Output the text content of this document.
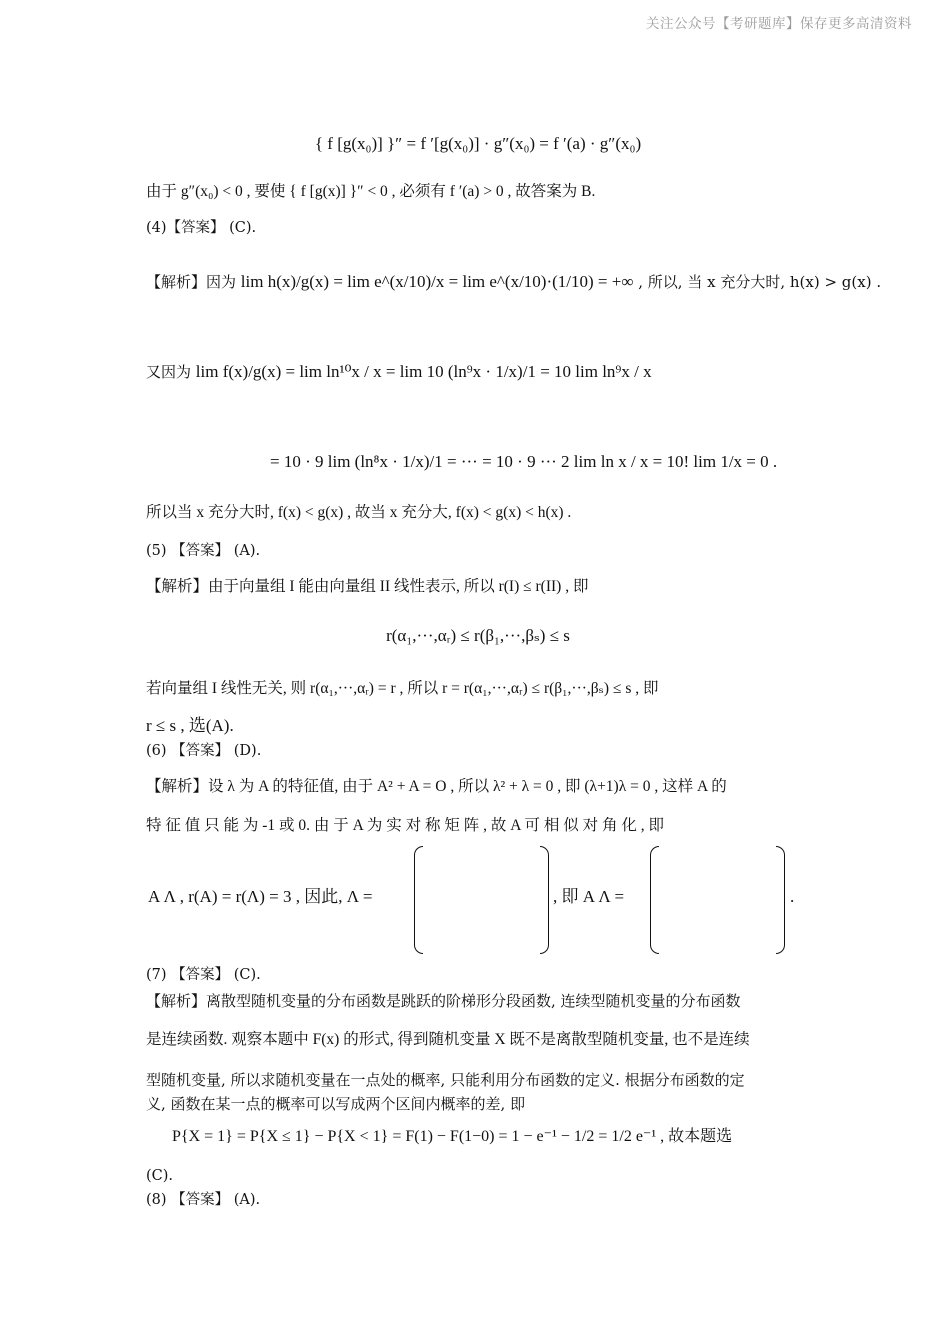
关注公众号【考研题库】保存更多高清资料
{ f [g(x₀)] }″ = f ′[g(x₀)] · g″(x₀) = f ′(a) · g″(x₀)
由于 g″(x₀) < 0 , 要使 { f [g(x)] }″ < 0 , 必须有 f ′(a) > 0 , 故答案为 B.
(4)【答案】 (C).
【解析】因为 lim h(x)/g(x) = lim e^(x/10)/x = lim e^(x/10)·(1/10) = +∞ , 所以, 当 x 充分大时, h(x) > g(x) .
又因为 lim f(x)/g(x) = lim ln¹⁰x / x = lim 10 (ln⁹x · 1/x)/1 = 10 lim ln⁹x / x
= 10 · 9 lim (ln⁸x · 1/x)/1 = ··· = 10 · 9 ··· 2 lim ln x / x = 10! lim 1/x = 0 .
所以当 x 充分大时, f(x) < g(x) , 故当 x 充分大, f(x) < g(x) < h(x) .
(5) 【答案】 (A).
【解析】由于向量组 I 能由向量组 II 线性表示, 所以 r(I) ≤ r(II) , 即
r(α₁,···,αᵣ) ≤ r(β₁,···,βₛ) ≤ s
若向量组 I 线性无关, 则 r(α₁,···,αᵣ) = r , 所以 r = r(α₁,···,αᵣ) ≤ r(β₁,···,βₛ) ≤ s , 即
r ≤ s , 选(A).
(6) 【答案】 (D).
【解析】设 λ 为 A 的特征值, 由于 A² + A = O , 所以 λ² + λ = 0 , 即 (λ+1)λ = 0 , 这样 A 的
特 征 值 只 能 为 -1 或 0. 由 于 A 为 实 对 称 矩 阵 , 故 A 可 相 似 对 角 化 , 即
A Λ , r(A) = r(Λ) = 3 , 因此, Λ =	, 即 A Λ =	.
(7) 【答案】 (C).
【解析】离散型随机变量的分布函数是跳跃的阶梯形分段函数, 连续型随机变量的分布函数
是连续函数. 观察本题中 F(x) 的形式, 得到随机变量 X 既不是离散型随机变量, 也不是连续
型随机变量, 所以求随机变量在一点处的概率, 只能利用分布函数的定义. 根据分布函数的定
义, 函数在某一点的概率可以写成两个区间内概率的差, 即
P{X = 1} = P{X ≤ 1} − P{X < 1} = F(1) − F(1−0) = 1 − e⁻¹ − 1/2 = 1/2 e⁻¹ , 故本题选
(C).
(8) 【答案】 (A).
